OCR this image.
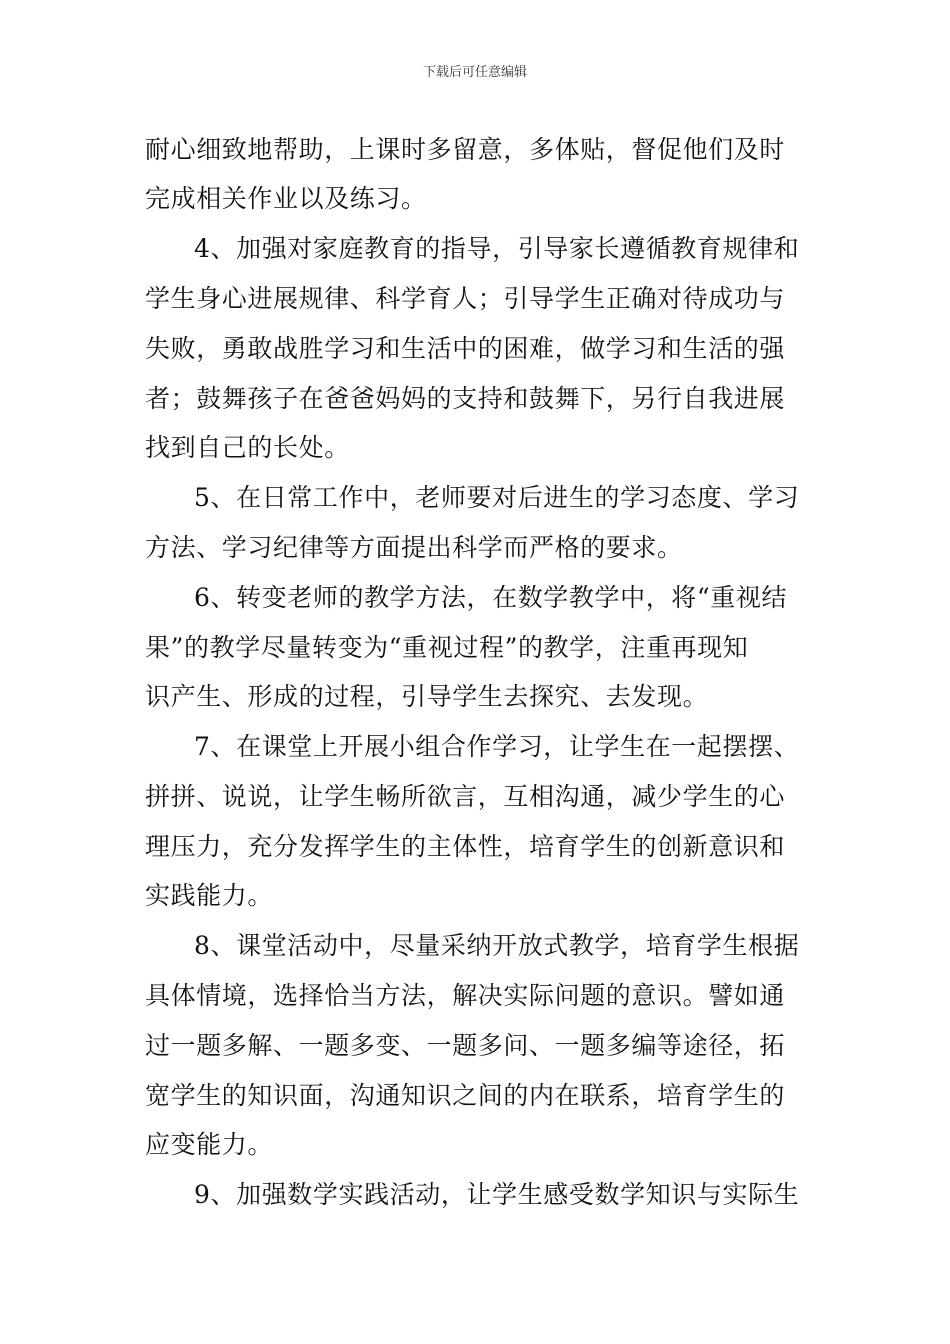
下载后可任意编辑
耐心细致地帮助，上课时多留意，多体贴，督促他们及时
完成相关作业以及练习。
4、加强对家庭教育的指导，引导家长遵循教育规律和
学生身心进展规律、科学育人；引导学生正确对待成功与
失败，勇敢战胜学习和生活中的困难，做学习和生活的强
者；鼓舞孩子在爸爸妈妈的支持和鼓舞下，另行自我进展
找到自己的长处。
5、在日常工作中，老师要对后进生的学习态度、学习
方法、学习纪律等方面提出科学而严格的要求。
6、转变老师的教学方法，在数学教学中，将“重视结
果”的教学尽量转变为“重视过程”的教学，注重再现知
识产生、形成的过程，引导学生去探究、去发现。
7、在课堂上开展小组合作学习，让学生在一起摆摆、
拼拼、说说，让学生畅所欲言，互相沟通，减少学生的心
理压力，充分发挥学生的主体性，培育学生的创新意识和
实践能力。
8、课堂活动中，尽量采纳开放式教学，培育学生根据
具体情境，选择恰当方法，解决实际问题的意识。譬如通
过一题多解、一题多变、一题多问、一题多编等途径，拓
宽学生的知识面，沟通知识之间的内在联系，培育学生的
应变能力。
9、加强数学实践活动，让学生感受数学知识与实际生
